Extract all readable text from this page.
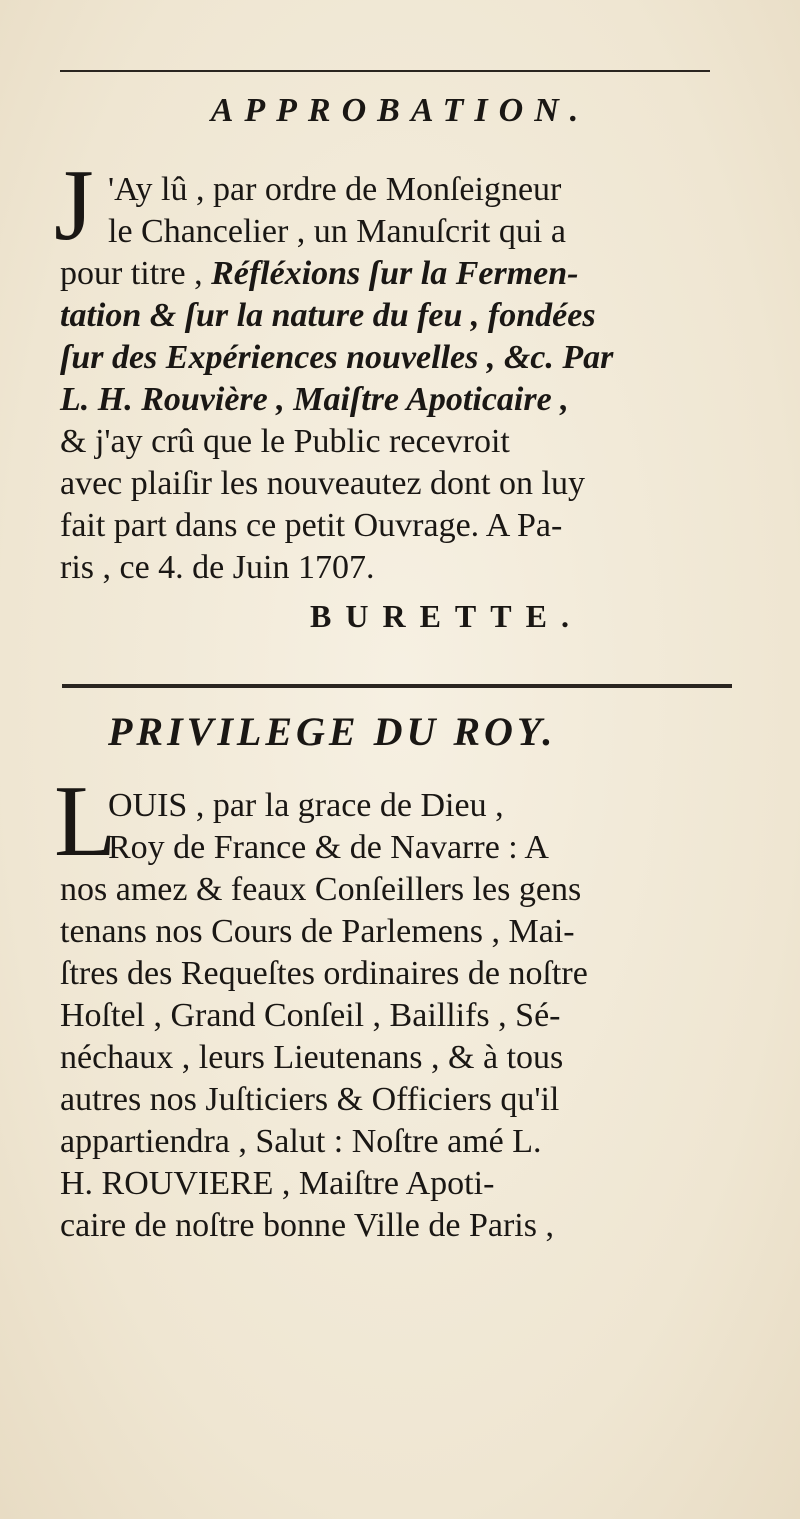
APPROBATION.
J 'Ay lû , par ordre de Monſeigneur
le Chancelier , un Manuſcrit qui a
pour titre , Réfléxions ſur la Fermen-
tation & ſur la nature du feu , fondées
ſur des Expériences nouvelles , &c. Par
L. H. Rouvière , Maiſtre Apoticaire ,
& j'ay crû que le Public recevroit
avec plaiſir les nouveautez dont on luy
fait part dans ce petit Ouvrage. A Pa-
ris , ce 4. de Juin 1707.
BURETTE.
PRIVILEGE DU ROY.
L
OUIS , par la grace de Dieu ,
Roy de France & de Navarre : A
nos amez & feaux Conſeillers les gens
tenans nos Cours de Parlemens , Mai-
ſtres des Requeſtes ordinaires de noſtre
Hoſtel , Grand Conſeil , Baillifs , Sé-
néchaux , leurs Lieutenans , & à tous
autres nos Juſticiers & Officiers qu'il
appartiendra , Salut : Noſtre amé L.
H. ROUVIERE , Maiſtre Apoti-
caire de noſtre bonne Ville de Paris ,
